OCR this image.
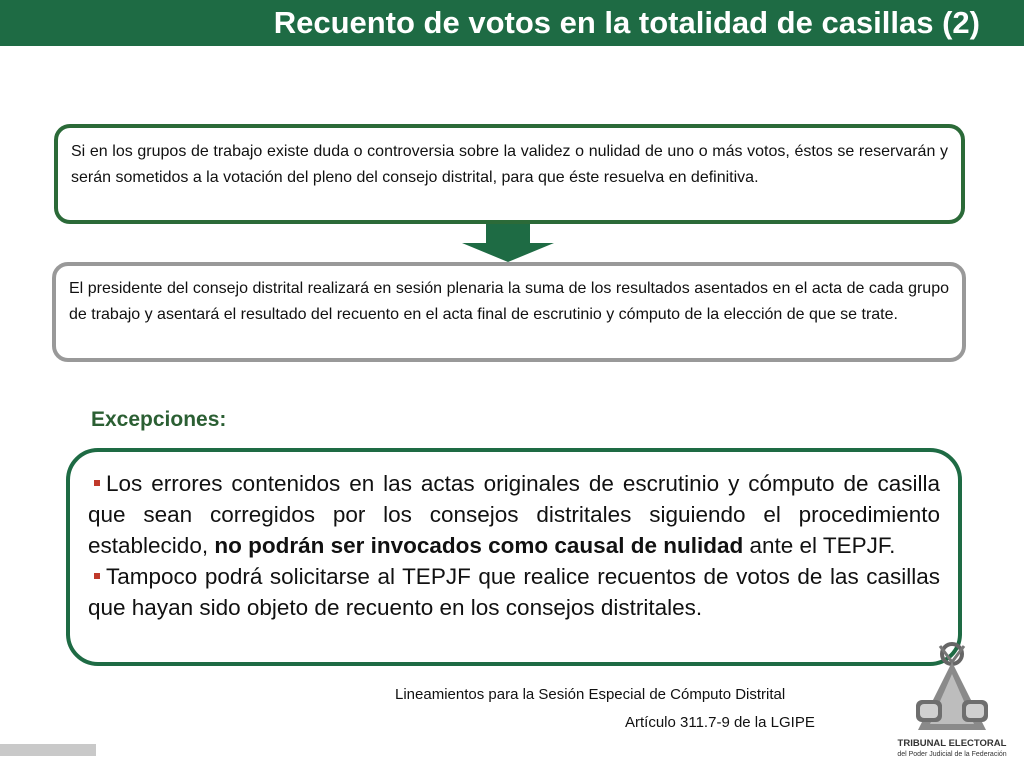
Recuento de votos en la totalidad de casillas (2)

Si en los grupos de trabajo existe duda o controversia sobre la validez o nulidad de uno o más votos, éstos se reservarán y serán sometidos a la votación del pleno del consejo distrital, para que éste resuelva en definitiva.

El presidente del consejo distrital realizará en sesión plenaria la suma de los resultados asentados en el acta de cada grupo de trabajo y asentará el resultado del recuento en el acta final de escrutinio y cómputo de la elección de que se trate.

Excepciones:

Los errores contenidos en las actas originales de escrutinio y cómputo de casilla que sean corregidos por los consejos distritales siguiendo el procedimiento establecido, no podrán ser invocados como causal de nulidad ante el TEPJF.

Tampoco podrá solicitarse al TEPJF que realice recuentos de votos de las casillas que hayan sido objeto de recuento en los consejos distritales.

Lineamientos para la Sesión Especial de Cómputo Distrital
Artículo 311.7-9 de la LGIPE
TRIBUNAL ELECTORAL
del Poder Judicial de la Federación
